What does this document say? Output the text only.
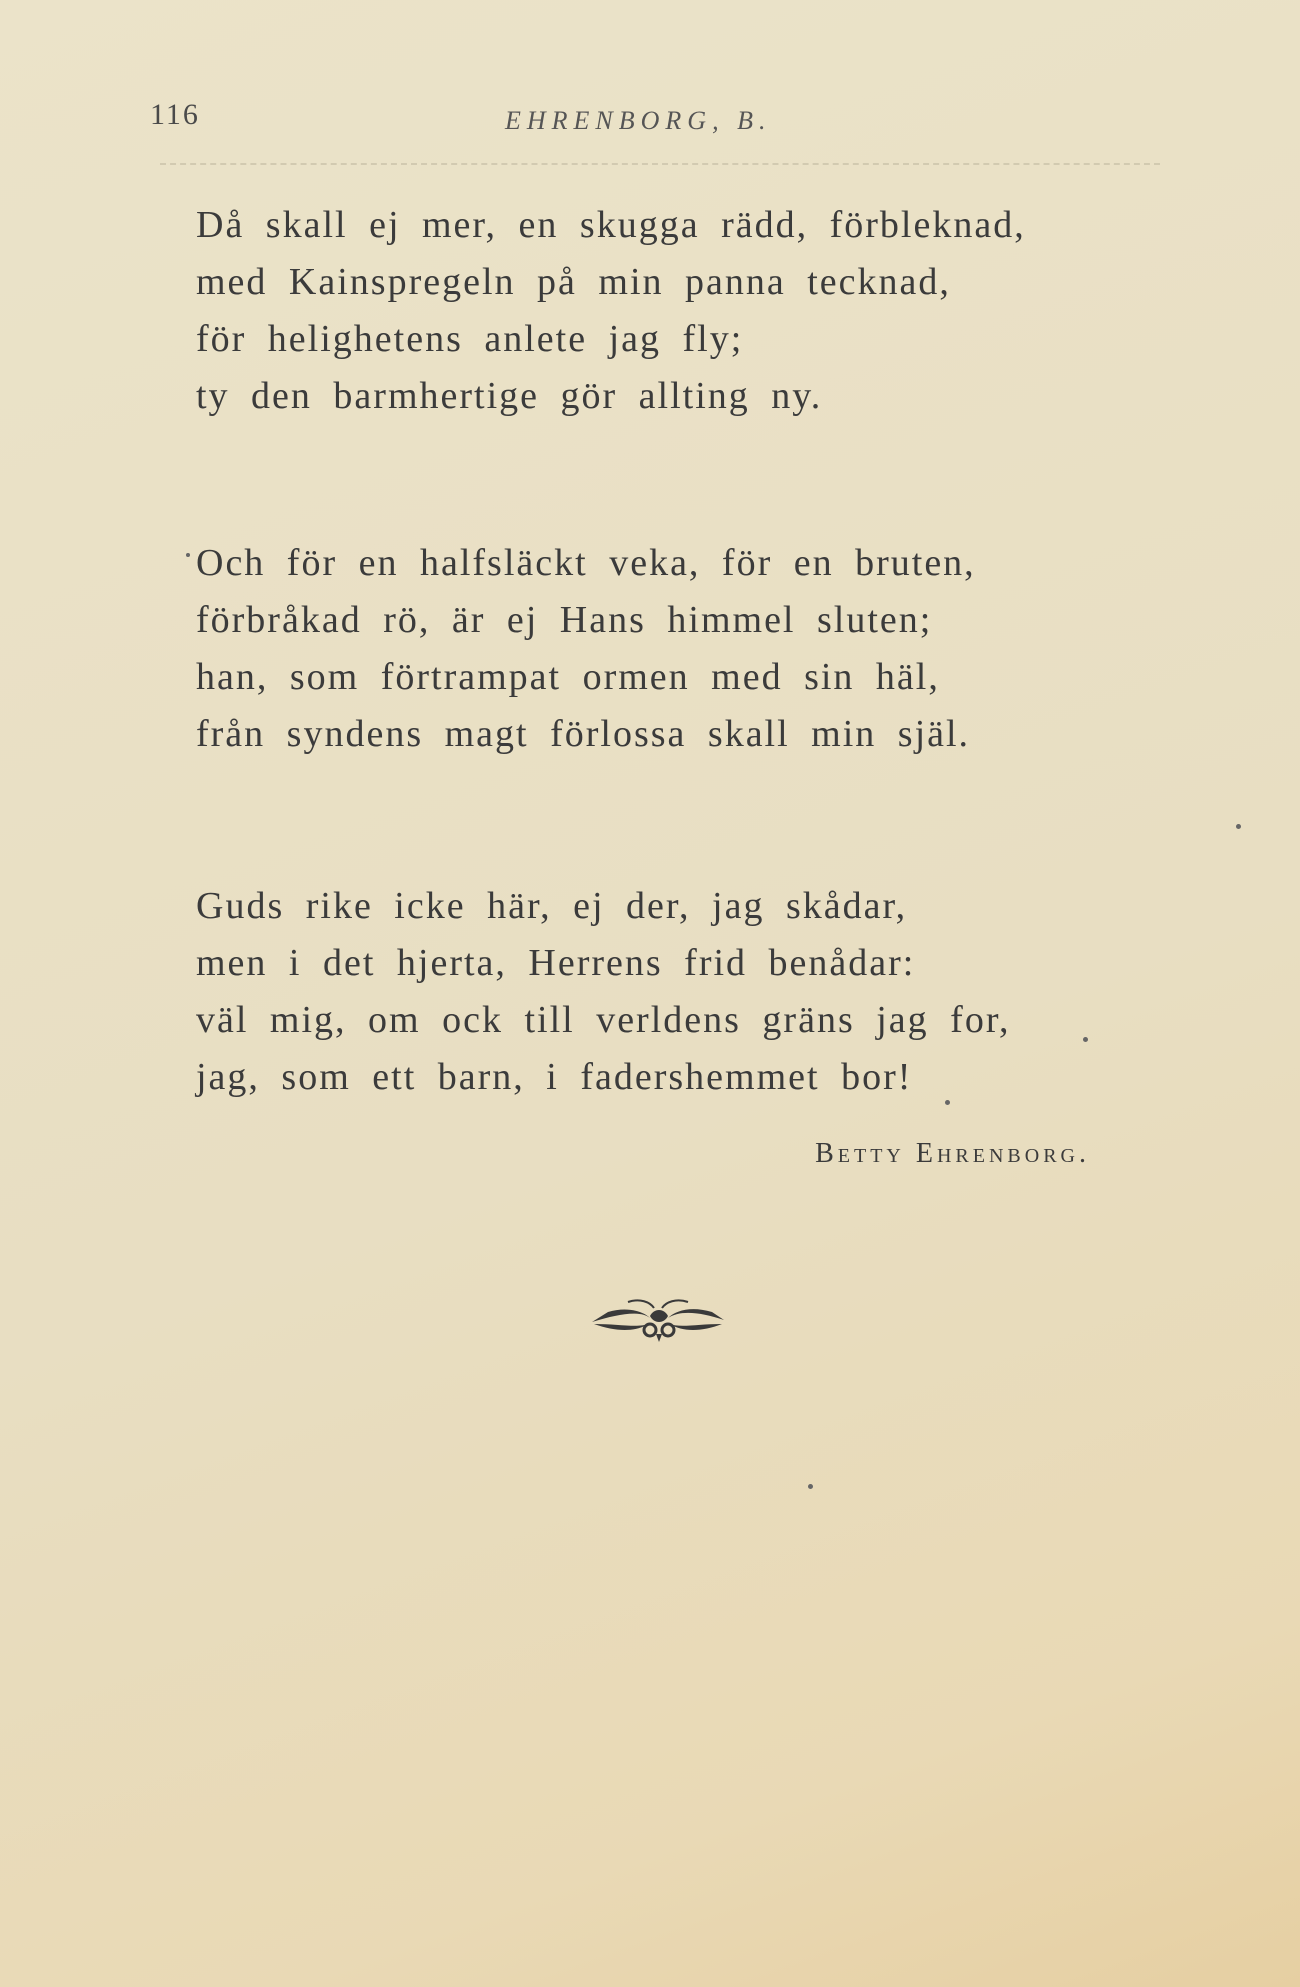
116	EHRENBORG, B.
Då skall ej mer, en skugga rädd, förbleknad,
med Kainspregeln på min panna tecknad,
för helighetens anlete jag fly;
ty den barmhertige gör allting ny.
Och för en halfsläckt veka, för en bruten,
förbråkad rö, är ej Hans himmel sluten;
han, som förtrampat ormen med sin häl,
från syndens magt förlossa skall min själ.
Guds rike icke här, ej der, jag skådar,
men i det hjerta, Herrens frid benådar:
väl mig, om ock till verldens gräns jag for,
jag, som ett barn, i fadershemmet bor!
Betty Ehrenborg.
